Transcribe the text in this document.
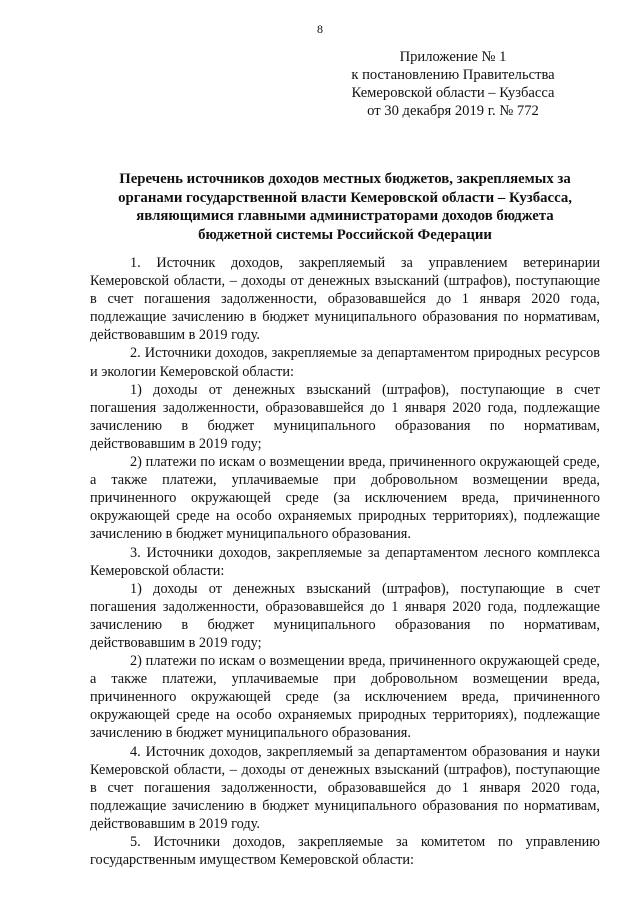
8
Приложение № 1
к постановлению Правительства
Кемеровской области – Кузбасса
от 30 декабря 2019 г. № 772
Перечень источников доходов местных бюджетов, закрепляемых за
органами государственной власти Кемеровской области – Кузбасса,
являющимися главными администраторами доходов бюджета
бюджетной системы Российской Федерации

1. Источник доходов, закрепляемый за управлением ветеринарии Кемеровской области, – доходы от денежных взысканий (штрафов), поступающие в счет погашения задолженности, образовавшейся до 1 января 2020 года, подлежащие зачислению в бюджет муниципального образования по нормативам, действовавшим в 2019 году.

2. Источники доходов, закрепляемые за департаментом природных ресурсов и экологии Кемеровской области:

1) доходы от денежных взысканий (штрафов), поступающие в счет погашения задолженности, образовавшейся до 1 января 2020 года, подлежащие зачислению в бюджет муниципального образования по нормативам, действовавшим в 2019 году;

2) платежи по искам о возмещении вреда, причиненного окружающей среде, а также платежи, уплачиваемые при добровольном возмещении вреда, причиненного окружающей среде (за исключением вреда, причиненного окружающей среде на особо охраняемых природных территориях), подлежащие зачислению в бюджет муниципального образования.

3. Источники доходов, закрепляемые за департаментом лесного комплекса Кемеровской области:

1) доходы от денежных взысканий (штрафов), поступающие в счет погашения задолженности, образовавшейся до 1 января 2020 года, подлежащие зачислению в бюджет муниципального образования по нормативам, действовавшим в 2019 году;

2) платежи по искам о возмещении вреда, причиненного окружающей среде, а также платежи, уплачиваемые при добровольном возмещении вреда, причиненного окружающей среде (за исключением вреда, причиненного окружающей среде на особо охраняемых природных территориях), подлежащие зачислению в бюджет муниципального образования.

4. Источник доходов, закрепляемый за департаментом образования и науки Кемеровской области, – доходы от денежных взысканий (штрафов), поступающие в счет погашения задолженности, образовавшейся до 1 января 2020 года, подлежащие зачислению в бюджет муниципального образования по нормативам, действовавшим в 2019 году.

5. Источники доходов, закрепляемые за комитетом по управлению государственным имуществом Кемеровской области:
